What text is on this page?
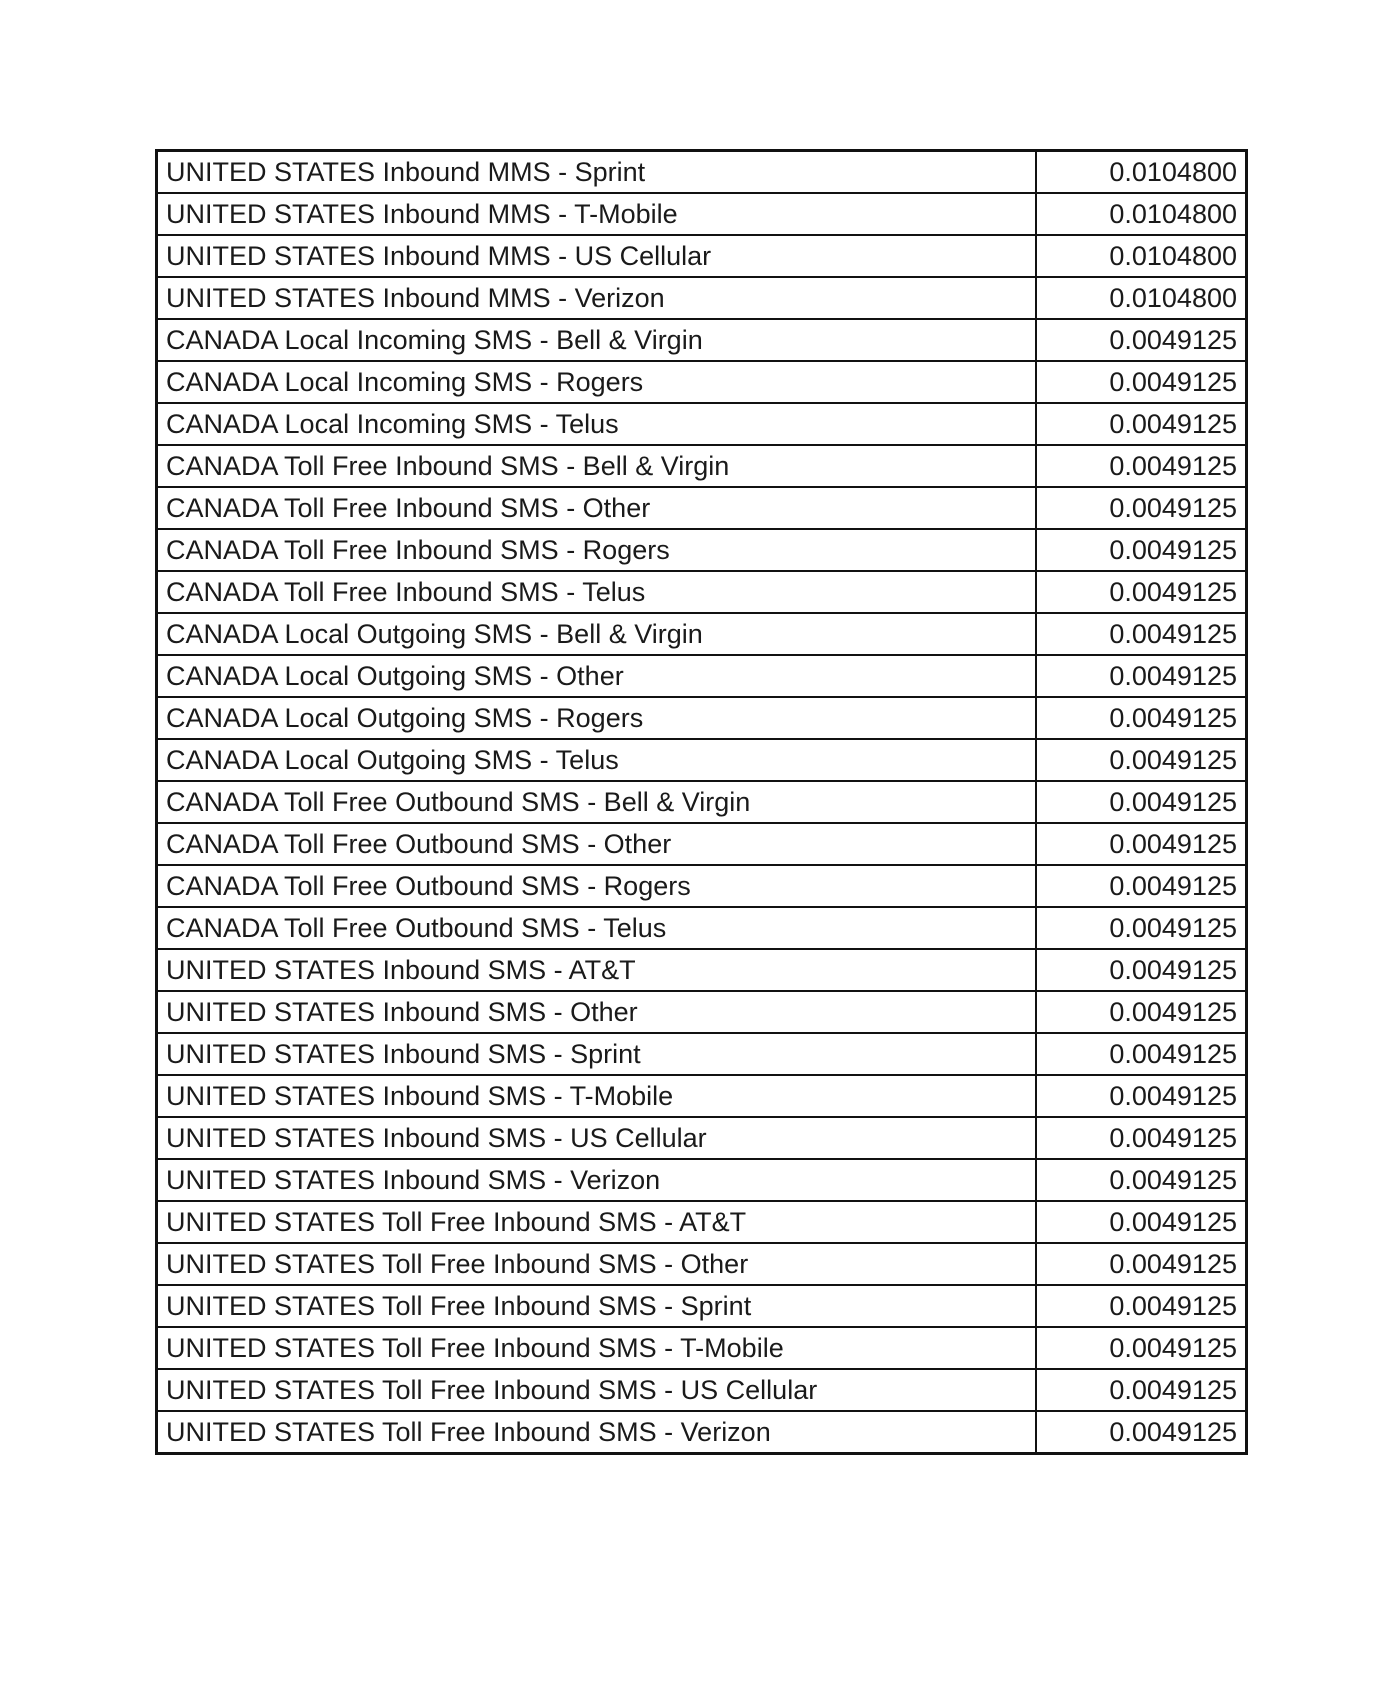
UNITED STATES Inbound MMS - Sprint	0.0104800
UNITED STATES Inbound MMS - T-Mobile	0.0104800
UNITED STATES Inbound MMS - US Cellular	0.0104800
UNITED STATES Inbound MMS - Verizon	0.0104800
CANADA Local Incoming SMS - Bell & Virgin	0.0049125
CANADA Local Incoming SMS - Rogers	0.0049125
CANADA Local Incoming SMS - Telus	0.0049125
CANADA Toll Free Inbound SMS - Bell & Virgin	0.0049125
CANADA Toll Free Inbound SMS - Other	0.0049125
CANADA Toll Free Inbound SMS - Rogers	0.0049125
CANADA Toll Free Inbound SMS - Telus	0.0049125
CANADA Local Outgoing SMS - Bell & Virgin	0.0049125
CANADA Local Outgoing SMS - Other	0.0049125
CANADA Local Outgoing SMS - Rogers	0.0049125
CANADA Local Outgoing SMS - Telus	0.0049125
CANADA Toll Free Outbound SMS - Bell & Virgin	0.0049125
CANADA Toll Free Outbound SMS - Other	0.0049125
CANADA Toll Free Outbound SMS - Rogers	0.0049125
CANADA Toll Free Outbound SMS - Telus	0.0049125
UNITED STATES Inbound SMS - AT&T	0.0049125
UNITED STATES Inbound SMS - Other	0.0049125
UNITED STATES Inbound SMS - Sprint	0.0049125
UNITED STATES Inbound SMS - T-Mobile	0.0049125
UNITED STATES Inbound SMS - US Cellular	0.0049125
UNITED STATES Inbound SMS - Verizon	0.0049125
UNITED STATES Toll Free Inbound SMS - AT&T	0.0049125
UNITED STATES Toll Free Inbound SMS - Other	0.0049125
UNITED STATES Toll Free Inbound SMS - Sprint	0.0049125
UNITED STATES Toll Free Inbound SMS - T-Mobile	0.0049125
UNITED STATES Toll Free Inbound SMS - US Cellular	0.0049125
UNITED STATES Toll Free Inbound SMS - Verizon	0.0049125
